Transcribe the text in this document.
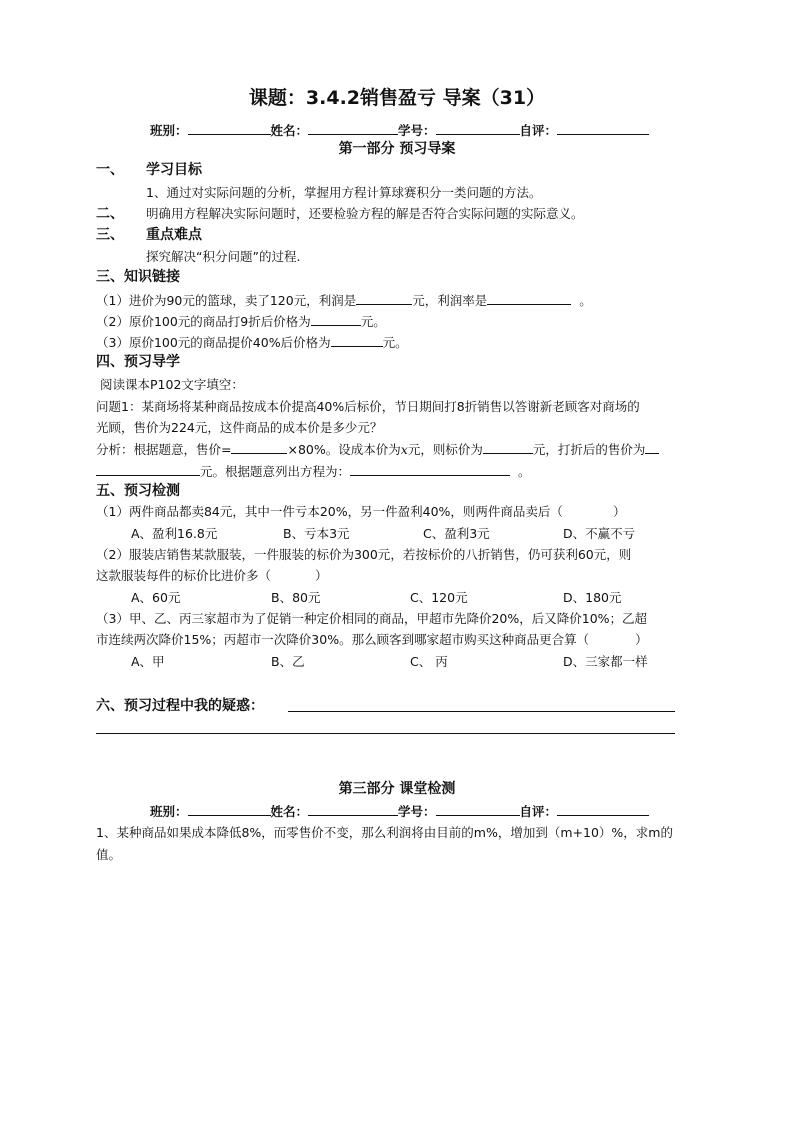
课题：3.4.2销售盈亏 导案（31）
班别：	姓名：	学号：	自评：
第一部分 预习导案
一、 学习目标
1、通过对实际问题的分析，掌握用方程计算球赛积分一类问题的方法。
二、 明确用方程解决实际问题时，还要检验方程的解是否符合实际问题的实际意义。
三、 重点难点
探究解决“积分问题”的过程.
三、知识链接
（1）进价为90元的篮球，卖了120元，利润是	元，利润率是	。
（2）原价100元的商品打9折后价格为	元。
（3）原价100元的商品提价40%后价格为	元。
四、预习导学
阅读课本P102文字填空：
问题1：某商场将某种商品按成本价提高40%后标价，节日期间打8折销售以答谢新老顾客对商场的
光顾，售价为224元，这件商品的成本价是多少元？
分析：根据题意，售价=	×80%。设成本价为x元，则标价为	元，打折后的售价为
元。根据题意列出方程为：	。
五、预习检测
（1）两件商品都卖84元，其中一件亏本20%，另一件盈利40%，则两件商品卖后（	）
A、盈利16.8元	B、亏本3元	C、盈利3元	D、不赢不亏
（2）服装店销售某款服装，一件服装的标价为300元，若按标价的八折销售，仍可获利60元，则
这款服装每件的标价比进价多（	）
A、60元	B、80元	C、120元	D、180元
（3）甲、乙、丙三家超市为了促销一种定价相同的商品，甲超市先降价20%，后又降价10%；乙超
市连续两次降价15%；丙超市一次降价30%。那么顾客到哪家超市购买这种商品更合算（	）
A、甲	B、乙	C、 丙	D、三家都一样
六、预习过程中我的疑惑：
第三部分 课堂检测
班别：	姓名：	学号：	自评：
1、某种商品如果成本降低8%，而零售价不变，那么利润将由目前的m%，增加到（m+10）%，求m的
值。
